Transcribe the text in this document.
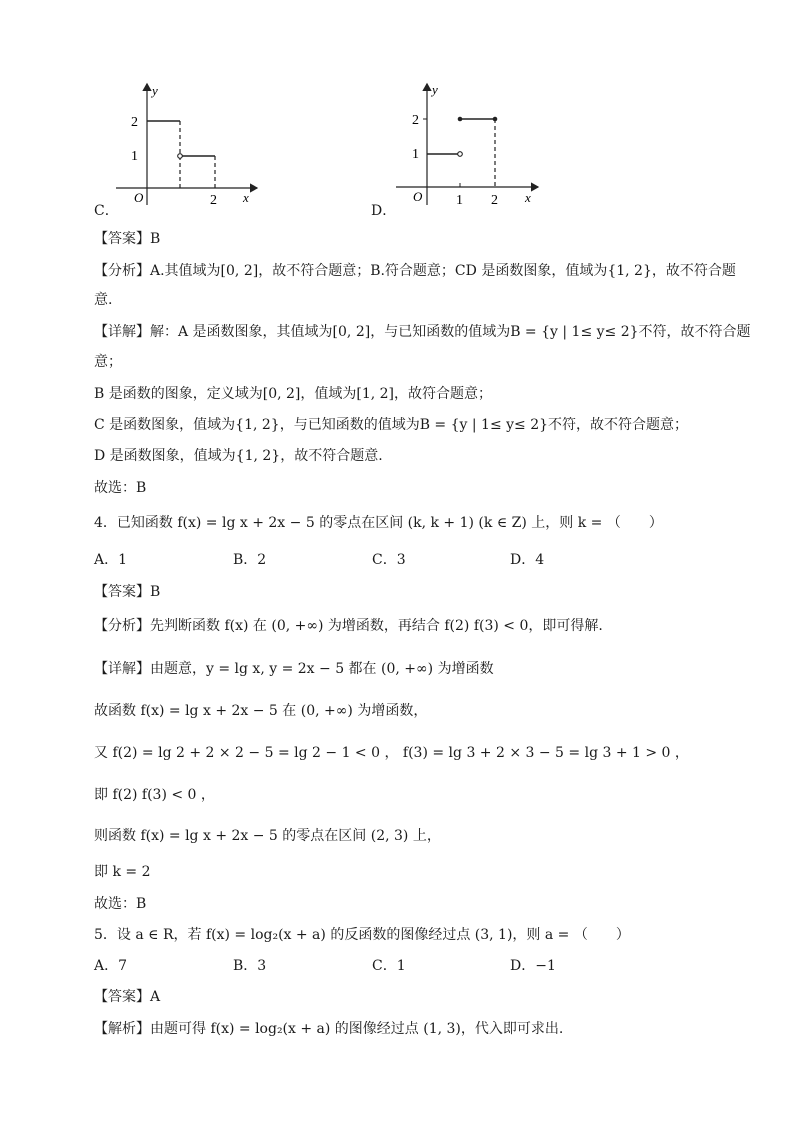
y
x
O
2
1
2
C．
y
x
O
2
1
1 2
D．
【答案】B
【分析】A.其值域为[0, 2]，故不符合题意；B.符合题意；CD 是函数图象，值域为{1, 2}，故不符合题
意.
【详解】解：A 是函数图象，其值域为[0, 2]，与已知函数的值域为B = {y | 1≤ y≤ 2}不符，故不符合题
意；
B 是函数的图象，定义域为[0, 2]，值域为[1, 2]，故符合题意；
C 是函数图象，值域为{1, 2}，与已知函数的值域为B = {y | 1≤ y≤ 2}不符，故不符合题意；
D 是函数图象，值域为{1, 2}，故不符合题意.
故选：B
4．已知函数 f(x) = lg x + 2x − 5 的零点在区间 (k, k + 1) (k ∈ Z) 上，则 k = （　　）
A．1	B．2	C．3	D．4
【答案】B
【分析】先判断函数 f(x) 在 (0, +∞) 为增函数，再结合 f(2) f(3) < 0，即可得解.
【详解】由题意，y = lg x, y = 2x − 5 都在 (0, +∞) 为增函数
故函数 f(x) = lg x + 2x − 5 在 (0, +∞) 为增函数，
又 f(2) = lg 2 + 2 × 2 − 5 = lg 2 − 1 < 0 ， f(3) = lg 3 + 2 × 3 − 5 = lg 3 + 1 > 0 ，
即 f(2) f(3) < 0 ，
则函数 f(x) = lg x + 2x − 5 的零点在区间 (2, 3) 上，
即 k = 2
故选：B
5．设 a ∈ R，若 f(x) = log₂(x + a) 的反函数的图像经过点 (3, 1)，则 a = （　　）
A．7	B．3	C．1	D．−1
【答案】A
【解析】由题可得 f(x) = log₂(x + a) 的图像经过点 (1, 3)，代入即可求出.
